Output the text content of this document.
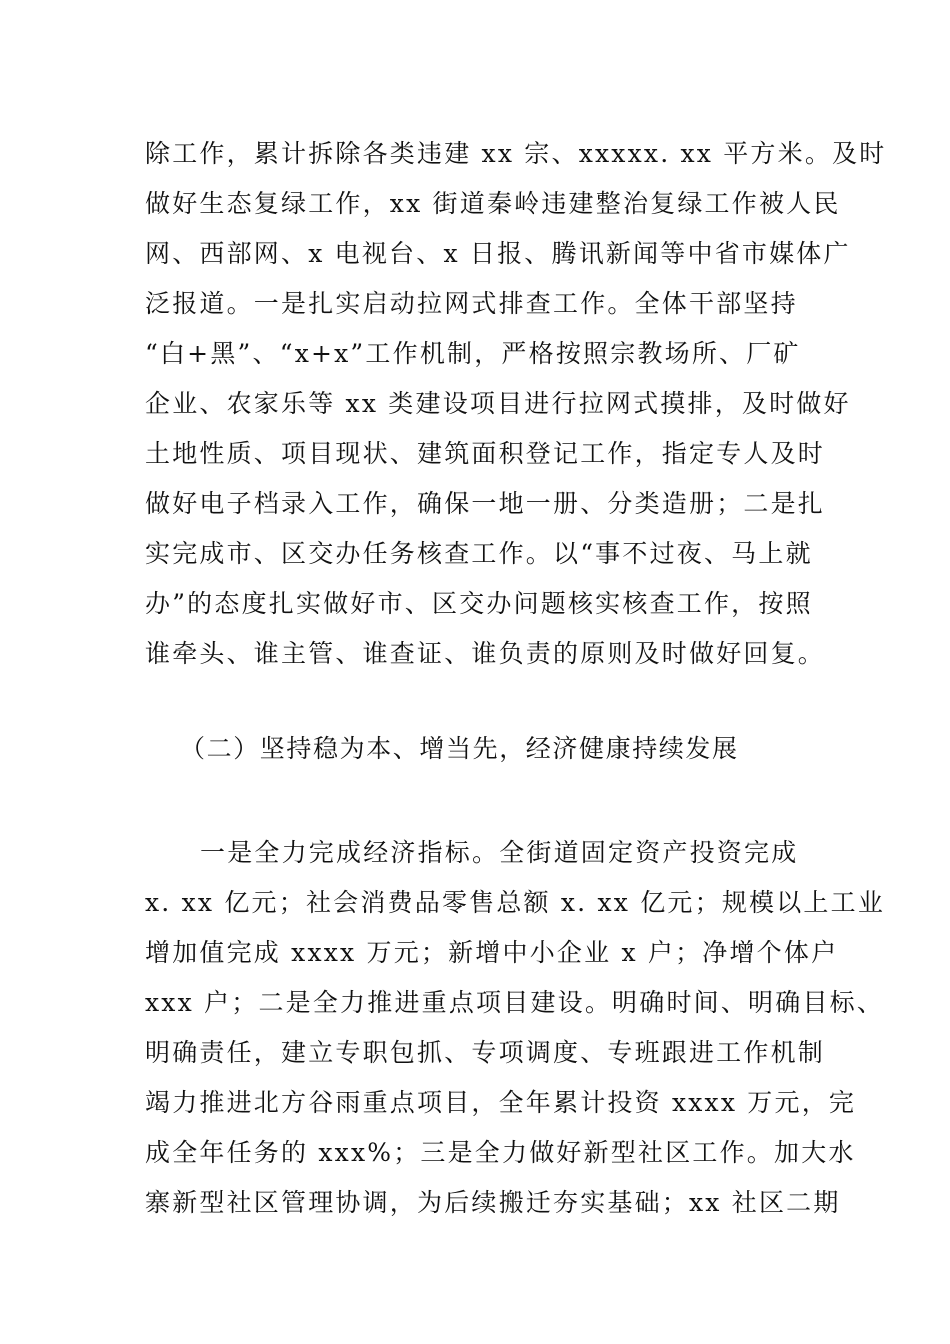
除工作，累计拆除各类违建 xx 宗、xxxxx. xx 平方米。及时
做好生态复绿工作，xx 街道秦岭违建整治复绿工作被人民
网、西部网、x 电视台、x 日报、腾讯新闻等中省市媒体广
泛报道。一是扎实启动拉网式排查工作。全体干部坚持
“白+黑”、“x+x”工作机制，严格按照宗教场所、厂矿
企业、农家乐等 xx 类建设项目进行拉网式摸排，及时做好
土地性质、项目现状、建筑面积登记工作，指定专人及时
做好电子档录入工作，确保一地一册、分类造册；二是扎
实完成市、区交办任务核查工作。以“事不过夜、马上就
办”的态度扎实做好市、区交办问题核实核查工作，按照
谁牵头、谁主管、谁查证、谁负责的原则及时做好回复。
（二）坚持稳为本、增当先，经济健康持续发展
一是全力完成经济指标。全街道固定资产投资完成
x. xx 亿元；社会消费品零售总额 x. xx 亿元；规模以上工业
增加值完成 xxxx 万元；新增中小企业 x 户；净增个体户
xxx 户；二是全力推进重点项目建设。明确时间、明确目标、
明确责任，建立专职包抓、专项调度、专班跟进工作机制
竭力推进北方谷雨重点项目，全年累计投资 xxxx 万元，完
成全年任务的 xxx%；三是全力做好新型社区工作。加大水
寨新型社区管理协调，为后续搬迁夯实基础；xx 社区二期
